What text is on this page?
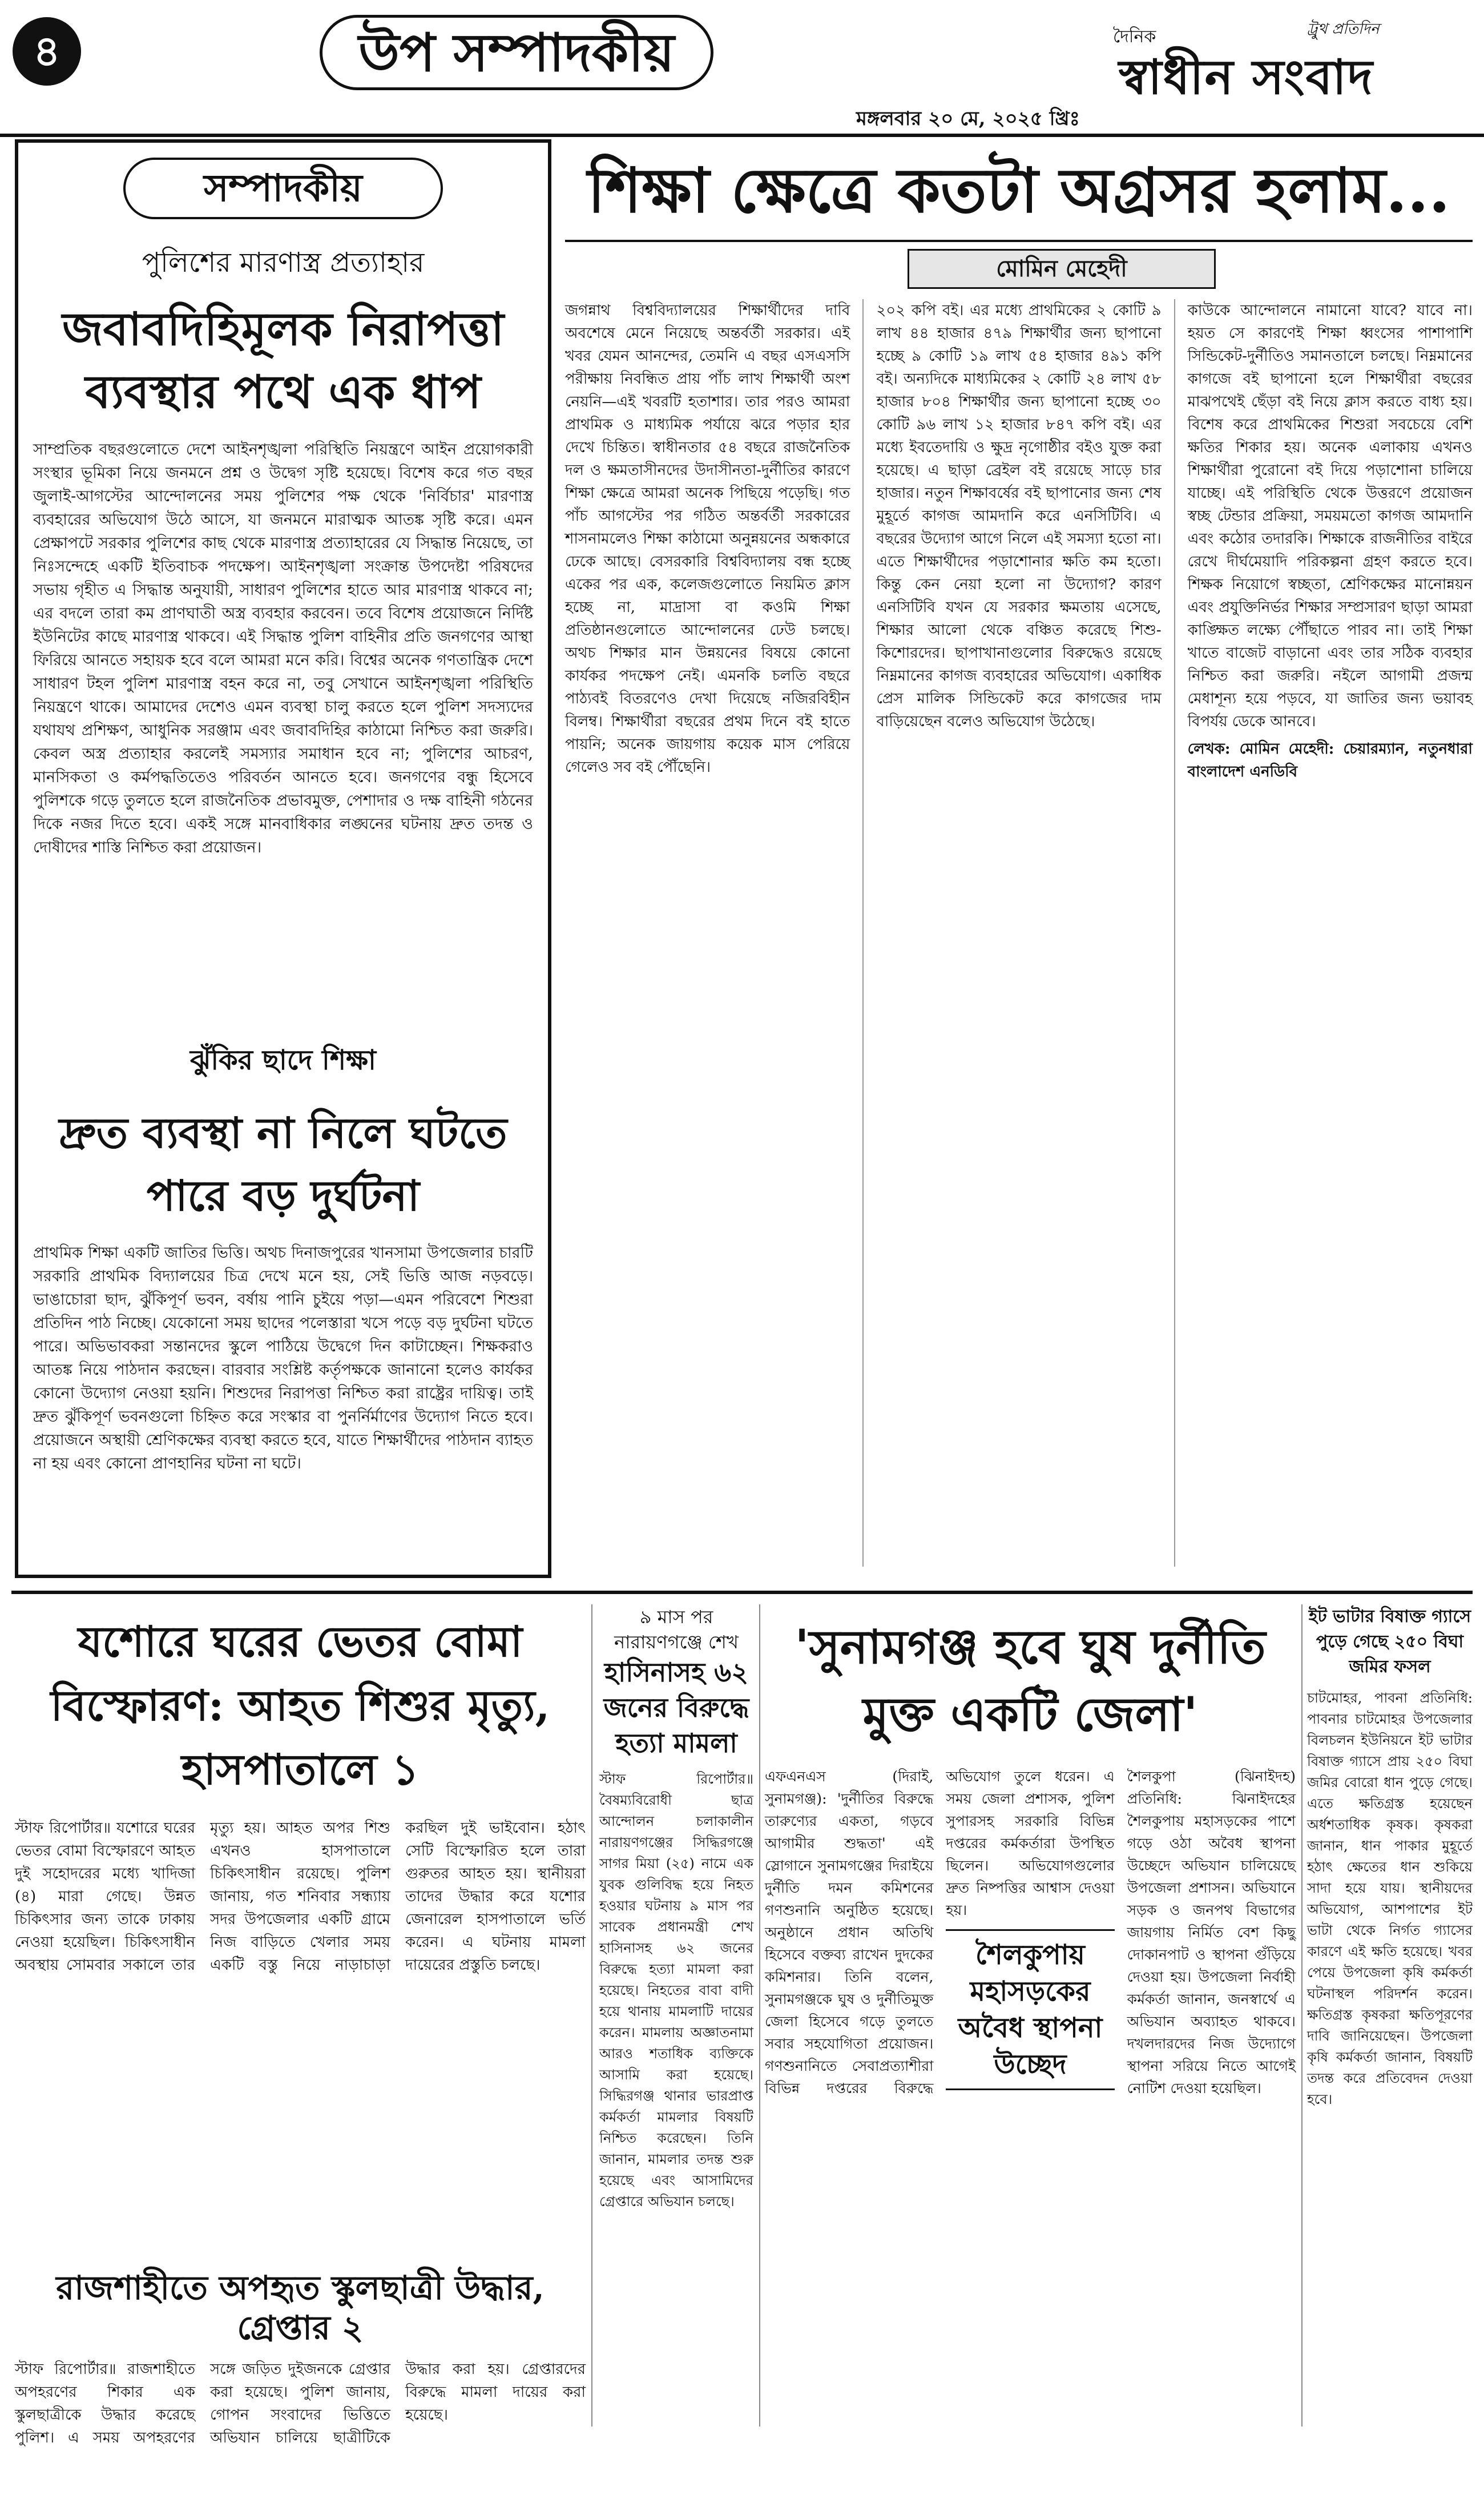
৪	উপ সম্পাদকীয়	দৈনিক	ট্রুথ প্রতিদিন
স্বাধীন সংবাদ
মঙ্গলবার ২০ মে, ২০২৫ খ্রিঃ
সম্পাদকীয়
পুলিশের মারণাস্ত্র প্রত্যাহার
জবাবদিহিমূলক নিরাপত্তা ব্যবস্থার পথে এক ধাপ
সাম্প্রতিক বছরগুলোতে দেশে আইনশৃঙ্খলা পরিস্থিতি নিয়ন্ত্রণে আইন প্রয়োগকারী সংস্থার ভূমিকা নিয়ে জনমনে প্রশ্ন ও উদ্বেগ সৃষ্টি হয়েছে। বিশেষ করে গত বছর জুলাই-আগস্টের আন্দোলনের সময় পুলিশের পক্ষ থেকে 'নির্বিচার' মারণাস্ত্র ব্যবহারের অভিযোগ উঠে আসে, যা জনমনে মারাত্মক আতঙ্ক সৃষ্টি করে। এমন প্রেক্ষাপটে সরকার পুলিশের কাছ থেকে মারণাস্ত্র প্রত্যাহারের যে সিদ্ধান্ত নিয়েছে, তা নিঃসন্দেহে একটি ইতিবাচক পদক্ষেপ। আইনশৃঙ্খলা সংক্রান্ত উপদেষ্টা পরিষদের সভায় গৃহীত এ সিদ্ধান্ত অনুযায়ী, সাধারণ পুলিশের হাতে আর মারণাস্ত্র থাকবে না; এর বদলে তারা কম প্রাণঘাতী অস্ত্র ব্যবহার করবেন। তবে বিশেষ প্রয়োজনে নির্দিষ্ট ইউনিটের কাছে মারণাস্ত্র থাকবে। এই সিদ্ধান্ত পুলিশ বাহিনীর প্রতি জনগণের আস্থা ফিরিয়ে আনতে সহায়ক হবে বলে আমরা মনে করি। বিশ্বের অনেক গণতান্ত্রিক দেশে সাধারণ টহল পুলিশ মারণাস্ত্র বহন করে না, তবু সেখানে আইনশৃঙ্খলা পরিস্থিতি নিয়ন্ত্রণে থাকে। আমাদের দেশেও এমন ব্যবস্থা চালু করতে হলে পুলিশ সদস্যদের যথাযথ প্রশিক্ষণ, আধুনিক সরঞ্জাম এবং জবাবদিহির কাঠামো নিশ্চিত করা জরুরি। কেবল অস্ত্র প্রত্যাহার করলেই সমস্যার সমাধান হবে না; পুলিশের আচরণ, মানসিকতা ও কর্মপদ্ধতিতেও পরিবর্তন আনতে হবে। জনগণের বন্ধু হিসেবে পুলিশকে গড়ে তুলতে হলে রাজনৈতিক প্রভাবমুক্ত, পেশাদার ও দক্ষ বাহিনী গঠনের দিকে নজর দিতে হবে। একই সঙ্গে মানবাধিকার লঙ্ঘনের ঘটনায় দ্রুত তদন্ত ও দোষীদের শাস্তি নিশ্চিত করা প্রয়োজন।
ঝুঁকির ছাদে শিক্ষা
দ্রুত ব্যবস্থা না নিলে ঘটতে পারে বড় দুর্ঘটনা
প্রাথমিক শিক্ষা একটি জাতির ভিত্তি। অথচ দিনাজপুরের খানসামা উপজেলার চারটি সরকারি প্রাথমিক বিদ্যালয়ের চিত্র দেখে মনে হয়, সেই ভিত্তি আজ নড়বড়ে। ভাঙাচোরা ছাদ, ঝুঁকিপূর্ণ ভবন, বর্ষায় পানি চুইয়ে পড়া—এমন পরিবেশে শিশুরা প্রতিদিন পাঠ নিচ্ছে। যেকোনো সময় ছাদের পলেস্তারা খসে পড়ে বড় দুর্ঘটনা ঘটতে পারে। অভিভাবকরা সন্তানদের স্কুলে পাঠিয়ে উদ্বেগে দিন কাটাচ্ছেন। শিক্ষকরাও আতঙ্ক নিয়ে পাঠদান করছেন। বারবার সংশ্লিষ্ট কর্তৃপক্ষকে জানানো হলেও কার্যকর কোনো উদ্যোগ নেওয়া হয়নি। শিশুদের নিরাপত্তা নিশ্চিত করা রাষ্ট্রের দায়িত্ব। তাই দ্রুত ঝুঁকিপূর্ণ ভবনগুলো চিহ্নিত করে সংস্কার বা পুনর্নির্মাণের উদ্যোগ নিতে হবে। প্রয়োজনে অস্থায়ী শ্রেণিকক্ষের ব্যবস্থা করতে হবে, যাতে শিক্ষার্থীদের পাঠদান ব্যাহত না হয় এবং কোনো প্রাণহানির ঘটনা না ঘটে।
শিক্ষা ক্ষেত্রে কতটা অগ্রসর হলাম...
মোমিন মেহেদী
জগন্নাথ বিশ্ববিদ্যালয়ের শিক্ষার্থীদের দাবি অবশেষে মেনে নিয়েছে অন্তর্বর্তী সরকার। এই খবর যেমন আনন্দের, তেমনি এ বছর এসএসসি পরীক্ষায় নিবন্ধিত প্রায় পাঁচ লাখ শিক্ষার্থী অংশ নেয়নি—এই খবরটি হতাশার। তার পরও আমরা প্রাথমিক ও মাধ্যমিক পর্যায়ে ঝরে পড়ার হার দেখে চিন্তিত। স্বাধীনতার ৫৪ বছরে রাজনৈতিক দল ও ক্ষমতাসীনদের উদাসীনতা-দুর্নীতির কারণে শিক্ষা ক্ষেত্রে আমরা অনেক পিছিয়ে পড়েছি। গত পাঁচ আগস্টের পর গঠিত অন্তর্বর্তী সরকারের শাসনামলেও শিক্ষা কাঠামো অনুন্নয়নের অন্ধকারে ঢেকে আছে। বেসরকারি বিশ্ববিদ্যালয় বন্ধ হচ্ছে একের পর এক, কলেজগুলোতে নিয়মিত ক্লাস হচ্ছে না, মাদ্রাসা বা কওমি শিক্ষা প্রতিষ্ঠানগুলোতে আন্দোলনের ঢেউ চলছে। অথচ শিক্ষার মান উন্নয়নের বিষয়ে কোনো কার্যকর পদক্ষেপ নেই। এমনকি চলতি বছরে পাঠ্যবই বিতরণেও দেখা দিয়েছে নজিরবিহীন বিলম্ব। শিক্ষার্থীরা বছরের প্রথম দিনে বই হাতে পায়নি; অনেক জায়গায় কয়েক মাস পেরিয়ে গেলেও সব বই পৌঁছেনি।
২০২ কপি বই। এর মধ্যে প্রাথমিকের ২ কোটি ৯ লাখ ৪৪ হাজার ৪৭৯ শিক্ষার্থীর জন্য ছাপানো হচ্ছে ৯ কোটি ১৯ লাখ ৫৪ হাজার ৪৯১ কপি বই। অন্যদিকে মাধ্যমিকের ২ কোটি ২৪ লাখ ৫৮ হাজার ৮০৪ শিক্ষার্থীর জন্য ছাপানো হচ্ছে ৩০ কোটি ৯৬ লাখ ১২ হাজার ৮৪৭ কপি বই। এর মধ্যে ইবতেদায়ি ও ক্ষুদ্র নৃগোষ্ঠীর বইও যুক্ত করা হয়েছে। এ ছাড়া ব্রেইল বই রয়েছে সাড়ে চার হাজার। নতুন শিক্ষাবর্ষের বই ছাপানোর জন্য শেষ মুহূর্তে কাগজ আমদানি করে এনসিটিবি। এ বছরের উদ্যোগ আগে নিলে এই সমস্যা হতো না। এতে শিক্ষার্থীদের পড়াশোনার ক্ষতি কম হতো। কিন্তু কেন নেয়া হলো না উদ্যোগ? কারণ এনসিটিবি যখন যে সরকার ক্ষমতায় এসেছে, শিক্ষার আলো থেকে বঞ্চিত করেছে শিশু-কিশোরদের। ছাপাখানাগুলোর বিরুদ্ধেও রয়েছে নিম্নমানের কাগজ ব্যবহারের অভিযোগ। একাধিক প্রেস মালিক সিন্ডিকেট করে কাগজের দাম বাড়িয়েছেন বলেও অভিযোগ উঠেছে।
কাউকে আন্দোলনে নামানো যাবে? যাবে না। হয়ত সে কারণেই শিক্ষা ধ্বংসের পাশাপাশি সিন্ডিকেট-দুর্নীতিও সমানতালে চলছে। নিম্নমানের কাগজে বই ছাপানো হলে শিক্ষার্থীরা বছরের মাঝপথেই ছেঁড়া বই নিয়ে ক্লাস করতে বাধ্য হয়। বিশেষ করে প্রাথমিকের শিশুরা সবচেয়ে বেশি ক্ষতির শিকার হয়। অনেক এলাকায় এখনও শিক্ষার্থীরা পুরোনো বই দিয়ে পড়াশোনা চালিয়ে যাচ্ছে। এই পরিস্থিতি থেকে উত্তরণে প্রয়োজন স্বচ্ছ টেন্ডার প্রক্রিয়া, সময়মতো কাগজ আমদানি এবং কঠোর তদারকি। শিক্ষাকে রাজনীতির বাইরে রেখে দীর্ঘমেয়াদি পরিকল্পনা গ্রহণ করতে হবে। শিক্ষক নিয়োগে স্বচ্ছতা, শ্রেণিকক্ষের মানোন্নয়ন এবং প্রযুক্তিনির্ভর শিক্ষার সম্প্রসারণ ছাড়া আমরা কাঙ্ক্ষিত লক্ষ্যে পৌঁছাতে পারব না। তাই শিক্ষা খাতে বাজেট বাড়ানো এবং তার সঠিক ব্যবহার নিশ্চিত করা জরুরি। নইলে আগামী প্রজন্ম মেধাশূন্য হয়ে পড়বে, যা জাতির জন্য ভয়াবহ বিপর্যয় ডেকে আনবে।
লেখক: মোমিন মেহেদী: চেয়ারম্যান, নতুনধারা বাংলাদেশ এনডিবি
যশোরে ঘরের ভেতর বোমা বিস্ফোরণ: আহত শিশুর মৃত্যু, হাসপাতালে ১
স্টাফ রিপোর্টার॥ যশোরে ঘরের ভেতর বোমা বিস্ফোরণে আহত দুই সহোদরের মধ্যে খাদিজা (৪) মারা গেছে। উন্নত চিকিৎসার জন্য তাকে ঢাকায় নেওয়া হয়েছিল। চিকিৎসাধীন অবস্থায় সোমবার সকালে তার মৃত্যু হয়। আহত অপর শিশু এখনও হাসপাতালে চিকিৎসাধীন রয়েছে। পুলিশ জানায়, গত শনিবার সন্ধ্যায় সদর উপজেলার একটি গ্রামে নিজ বাড়িতে খেলার সময় একটি বস্তু নিয়ে নাড়াচাড়া করছিল দুই ভাইবোন। হঠাৎ সেটি বিস্ফোরিত হলে তারা গুরুতর আহত হয়। স্থানীয়রা তাদের উদ্ধার করে যশোর জেনারেল হাসপাতালে ভর্তি করেন। এ ঘটনায় মামলা দায়েরের প্রস্তুতি চলছে।
রাজশাহীতে অপহৃত স্কুলছাত্রী উদ্ধার, গ্রেপ্তার ২
স্টাফ রিপোর্টার॥ রাজশাহীতে অপহরণের শিকার এক স্কুলছাত্রীকে উদ্ধার করেছে পুলিশ। এ সময় অপহরণের সঙ্গে জড়িত দুইজনকে গ্রেপ্তার করা হয়েছে। পুলিশ জানায়, গোপন সংবাদের ভিত্তিতে অভিযান চালিয়ে ছাত্রীটিকে উদ্ধার করা হয়। গ্রেপ্তারদের বিরুদ্ধে মামলা দায়ের করা হয়েছে।
৯ মাস পর নারায়ণগঞ্জে শেখ
হাসিনাসহ ৬২ জনের বিরুদ্ধে হত্যা মামলা
স্টাফ রিপোর্টার॥ বৈষম্যবিরোধী ছাত্র আন্দোলন চলাকালীন নারায়ণগঞ্জের সিদ্ধিরগঞ্জে সাগর মিয়া (২৫) নামে এক যুবক গুলিবিদ্ধ হয়ে নিহত হওয়ার ঘটনায় ৯ মাস পর সাবেক প্রধানমন্ত্রী শেখ হাসিনাসহ ৬২ জনের বিরুদ্ধে হত্যা মামলা করা হয়েছে। নিহতের বাবা বাদী হয়ে থানায় মামলাটি দায়ের করেন। মামলায় অজ্ঞাতনামা আরও শতাধিক ব্যক্তিকে আসামি করা হয়েছে। সিদ্ধিরগঞ্জ থানার ভারপ্রাপ্ত কর্মকর্তা মামলার বিষয়টি নিশ্চিত করেছেন। তিনি জানান, মামলার তদন্ত শুরু হয়েছে এবং আসামিদের গ্রেপ্তারে অভিযান চলছে।
'সুনামগঞ্জ হবে ঘুষ দুর্নীতি মুক্ত একটি জেলা'
এফএনএস (দিরাই, সুনামগঞ্জ): 'দুর্নীতির বিরুদ্ধে তারুণ্যের একতা, গড়বে আগামীর শুদ্ধতা' এই স্লোগানে সুনামগঞ্জের দিরাইয়ে দুর্নীতি দমন কমিশনের গণশুনানি অনুষ্ঠিত হয়েছে। অনুষ্ঠানে প্রধান অতিথি হিসেবে বক্তব্য রাখেন দুদকের কমিশনার। তিনি বলেন, সুনামগঞ্জকে ঘুষ ও দুর্নীতিমুক্ত জেলা হিসেবে গড়ে তুলতে সবার সহযোগিতা প্রয়োজন। গণশুনানিতে সেবাপ্রত্যাশীরা বিভিন্ন দপ্তরের বিরুদ্ধে অভিযোগ তুলে ধরেন। এ সময় জেলা প্রশাসক, পুলিশ সুপারসহ সরকারি বিভিন্ন দপ্তরের কর্মকর্তারা উপস্থিত ছিলেন। অভিযোগগুলোর দ্রুত নিষ্পত্তির আশ্বাস দেওয়া হয়।
শৈলকুপায় মহাসড়কের অবৈধ স্থাপনা উচ্ছেদ
শৈলকুপা (ঝিনাইদহ) প্রতিনিধি: ঝিনাইদহের শৈলকুপায় মহাসড়কের পাশে গড়ে ওঠা অবৈধ স্থাপনা উচ্ছেদে অভিযান চালিয়েছে উপজেলা প্রশাসন। অভিযানে সড়ক ও জনপথ বিভাগের জায়গায় নির্মিত বেশ কিছু দোকানপাট ও স্থাপনা গুঁড়িয়ে দেওয়া হয়। উপজেলা নির্বাহী কর্মকর্তা জানান, জনস্বার্থে এ অভিযান অব্যাহত থাকবে। দখলদারদের নিজ উদ্যোগে স্থাপনা সরিয়ে নিতে আগেই নোটিশ দেওয়া হয়েছিল।
ইট ভাটার বিষাক্ত গ্যাসে পুড়ে গেছে ২৫০ বিঘা জমির ফসল
চাটমোহর, পাবনা প্রতিনিধি: পাবনার চাটমোহর উপজেলার বিলচলন ইউনিয়নে ইট ভাটার বিষাক্ত গ্যাসে প্রায় ২৫০ বিঘা জমির বোরো ধান পুড়ে গেছে। এতে ক্ষতিগ্রস্ত হয়েছেন অর্ধশতাধিক কৃষক। কৃষকরা জানান, ধান পাকার মুহূর্তে হঠাৎ ক্ষেতের ধান শুকিয়ে সাদা হয়ে যায়। স্থানীয়দের অভিযোগ, আশপাশের ইট ভাটা থেকে নির্গত গ্যাসের কারণে এই ক্ষতি হয়েছে। খবর পেয়ে উপজেলা কৃষি কর্মকর্তা ঘটনাস্থল পরিদর্শন করেন। ক্ষতিগ্রস্ত কৃষকরা ক্ষতিপূরণের দাবি জানিয়েছেন। উপজেলা কৃষি কর্মকর্তা জানান, বিষয়টি তদন্ত করে প্রতিবেদন দেওয়া হবে।
